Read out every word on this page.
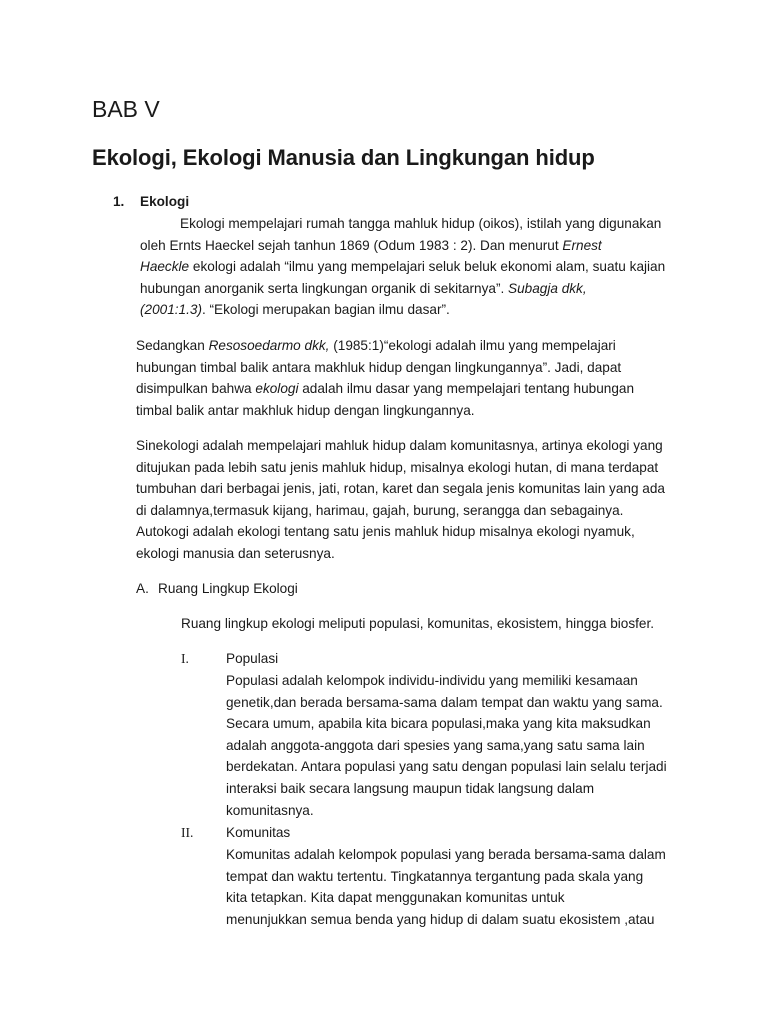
BAB V
Ekologi, Ekologi Manusia dan Lingkungan hidup
1. Ekologi

Ekologi mempelajari rumah tangga mahluk hidup (oikos), istilah yang digunakan
oleh Ernts Haeckel sejah tanhun 1869 (Odum 1983 : 2). Dan menurut Ernest
Haeckle ekologi adalah “ilmu yang mempelajari seluk beluk ekonomi alam, suatu kajian
hubungan anorganik serta lingkungan organik di sekitarnya”. Subagja dkk,
(2001:1.3). “Ekologi merupakan bagian ilmu dasar”.

Sedangkan Resosoedarmo dkk, (1985:1)“ekologi adalah ilmu yang mempelajari
hubungan timbal balik antara makhluk hidup dengan lingkungannya”. Jadi, dapat
disimpulkan bahwa ekologi adalah ilmu dasar yang mempelajari tentang hubungan
timbal balik antar makhluk hidup dengan lingkungannya.

Sinekologi adalah mempelajari mahluk hidup dalam komunitasnya, artinya ekologi yang
ditujukan pada lebih satu jenis mahluk hidup, misalnya ekologi hutan, di mana terdapat
tumbuhan dari berbagai jenis, jati, rotan, karet dan segala jenis komunitas lain yang ada
di dalamnya,termasuk kijang, harimau, gajah, burung, serangga dan sebagainya.
Autokogi adalah ekologi tentang satu jenis mahluk hidup misalnya ekologi nyamuk,
ekologi manusia dan seterusnya.

A. Ruang Lingkup Ekologi

Ruang lingkup ekologi meliputi populasi, komunitas, ekosistem, hingga biosfer.

I.	Populasi

Populasi adalah kelompok individu-individu yang memiliki kesamaan
genetik,dan berada bersama-sama dalam tempat dan waktu yang sama.
Secara umum, apabila kita bicara populasi,maka yang kita maksudkan
adalah anggota-anggota dari spesies yang sama,yang satu sama lain
berdekatan. Antara populasi yang satu dengan populasi lain selalu terjadi
interaksi baik secara langsung maupun tidak langsung dalam
komunitasnya.

II. Komunitas

Komunitas adalah kelompok populasi yang berada bersama-sama dalam
tempat dan waktu tertentu. Tingkatannya tergantung pada skala yang
kita tetapkan. Kita dapat menggunakan komunitas untuk
menunjukkan semua benda yang hidup di dalam suatu ekosistem ,atau
